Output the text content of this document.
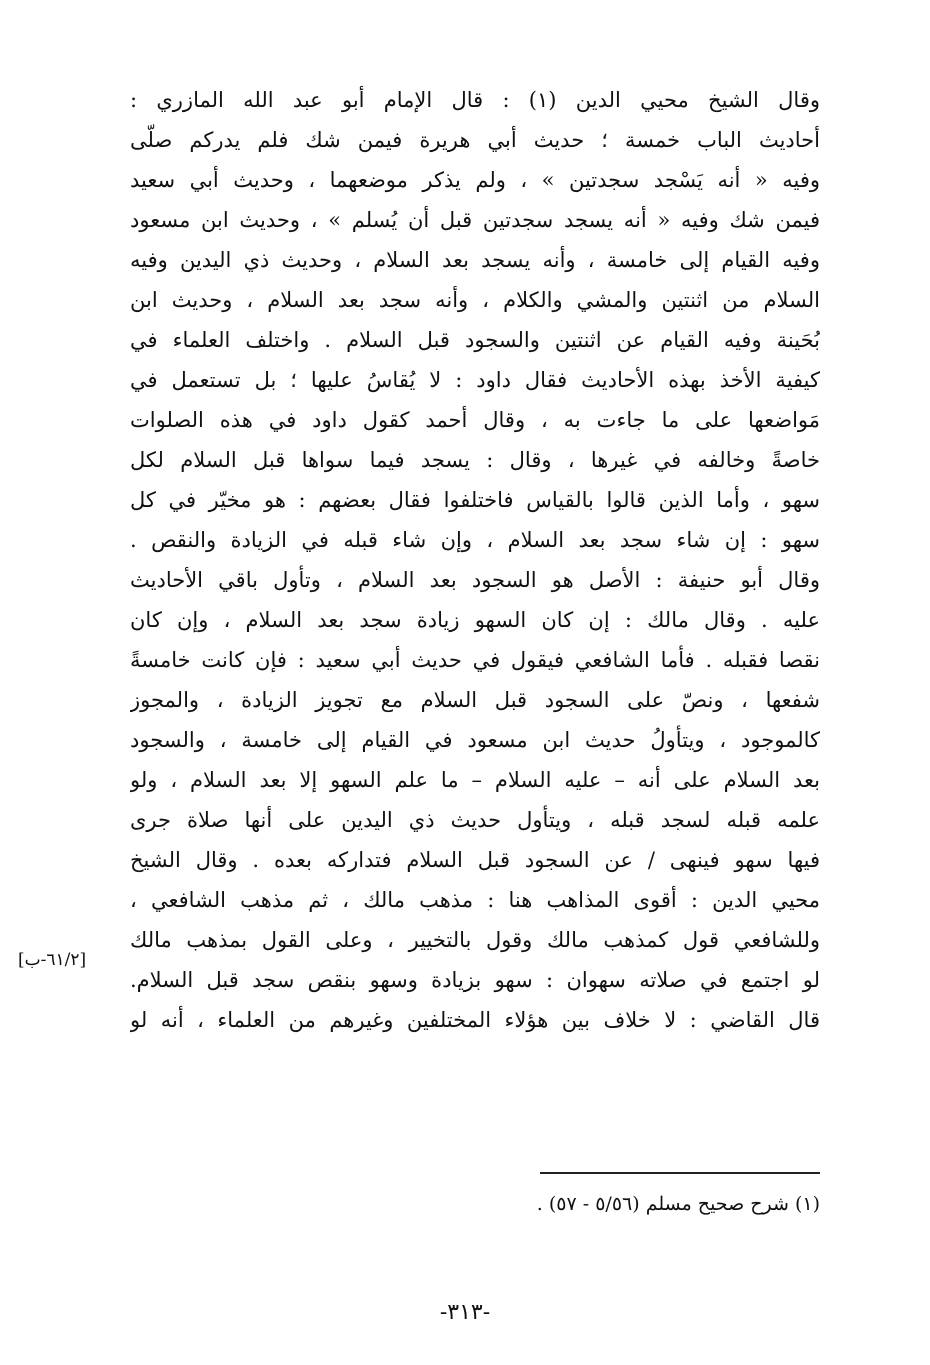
وقال الشيخ محيي الدين (١) : قال الإمام أبو عبد الله المازري :
أحاديث الباب خمسة ؛ حديث أبي هريرة فيمن شك فلم يدركم صلّى
وفيه « أنه يَسْجد سجدتين » ، ولم يذكر موضعهما ، وحديث أبي سعيد
فيمن شك وفيه « أنه يسجد سجدتين قبل أن يُسلم » ، وحديث ابن مسعود
وفيه القيام إلى خامسة ، وأنه يسجد بعد السلام ، وحديث ذي اليدين وفيه
السلام من اثنتين والمشي والكلام ، وأنه سجد بعد السلام ، وحديث ابن
بُحَينة وفيه القيام عن اثنتين والسجود قبل السلام . واختلف العلماء في
كيفية الأخذ بهذه الأحاديث فقال داود : لا يُقاسُ عليها ؛ بل تستعمل في
مَواضعها على ما جاءت به ، وقال أحمد كقول داود في هذه الصلوات
خاصةً وخالفه في غيرها ، وقال : يسجد فيما سواها قبل السلام لكل
سهو ، وأما الذين قالوا بالقياس فاختلفوا فقال بعضهم : هو مخيّر في كل
سهو : إن شاء سجد بعد السلام ، وإن شاء قبله في الزيادة والنقص .
وقال أبو حنيفة : الأصل هو السجود بعد السلام ، وتأول باقي الأحاديث
عليه . وقال مالك : إن كان السهو زيادة سجد بعد السلام ، وإن كان
نقصا فقبله . فأما الشافعي فيقول في حديث أبي سعيد : فإن كانت خامسةً
شفعها ، ونصّ على السجود قبل السلام مع تجويز الزيادة ، والمجوز
كالموجود ، ويتأولُ حديث ابن مسعود في القيام إلى خامسة ، والسجود
بعد السلام على أنه – عليه السلام – ما علم السهو إلا بعد السلام ، ولو
علمه قبله لسجد قبله ، ويتأول حديث ذي اليدين على أنها صلاة جرى
فيها سهو فينهى / عن السجود قبل السلام فتداركه بعده . وقال الشيخ
محيي الدين : أقوى المذاهب هنا : مذهب مالك ، ثم مذهب الشافعي ،
وللشافعي قول كمذهب مالك وقول بالتخيير ، وعلى القول بمذهب مالك
لو اجتمع في صلاته سهوان : سهو بزيادة وسهو بنقص سجد قبل السلام.
قال القاضي : لا خلاف بين هؤلاء المختلفين وغيرهم من العلماء ، أنه لو
[٦١/٢-ب]
(١) شرح صحيح مسلم (٥/٥٦ - ٥٧) .
-٣١٣-
